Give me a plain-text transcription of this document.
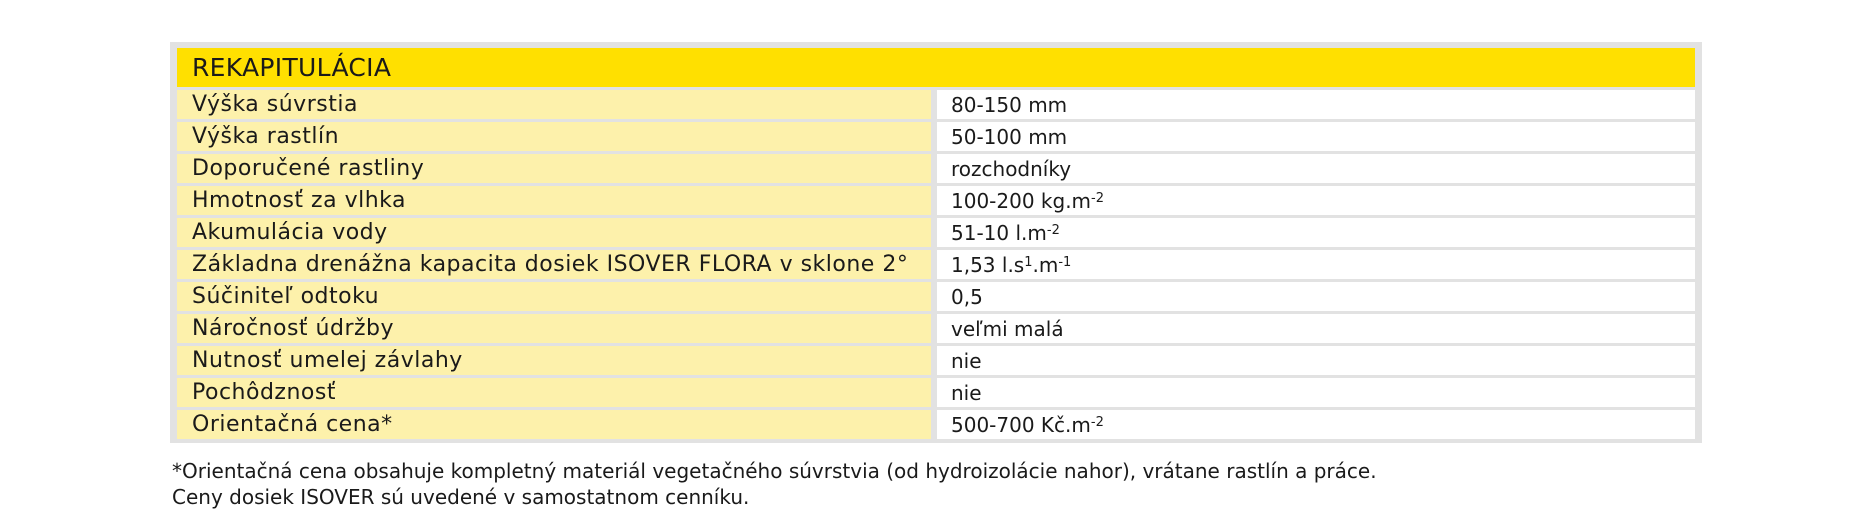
REKAPITULÁCIA
Výška súvrstia	80-150 mm
Výška rastlín	50-100 mm
Doporučené rastliny	rozchodníky
Hmotnosť za vlhka	100-200 $kg.m^{-2}$
Akumulácia vody	51-10 $l.m^{-2}$
Základna drenážna kapacita dosiek ISOVER FLORA v sklone 2°	1,53 $l.s^1$ $.m^{-1}$
Súčiniteľ odtoku	0,5
Náročnosť údržby	veľmi malá
Nutnosť umelej závlahy	nie
Pochôdznosť	nie
Orientačná cena*	500-700 $Kč.m^{-2}$
*Orientačná cena obsahuje kompletný materiál vegetačného súvrstvia (od hydroizolácie nahor), vrátane rastlín a práce.
Ceny dosiek ISOVER sú uvedené v samostatnom cenníku.
